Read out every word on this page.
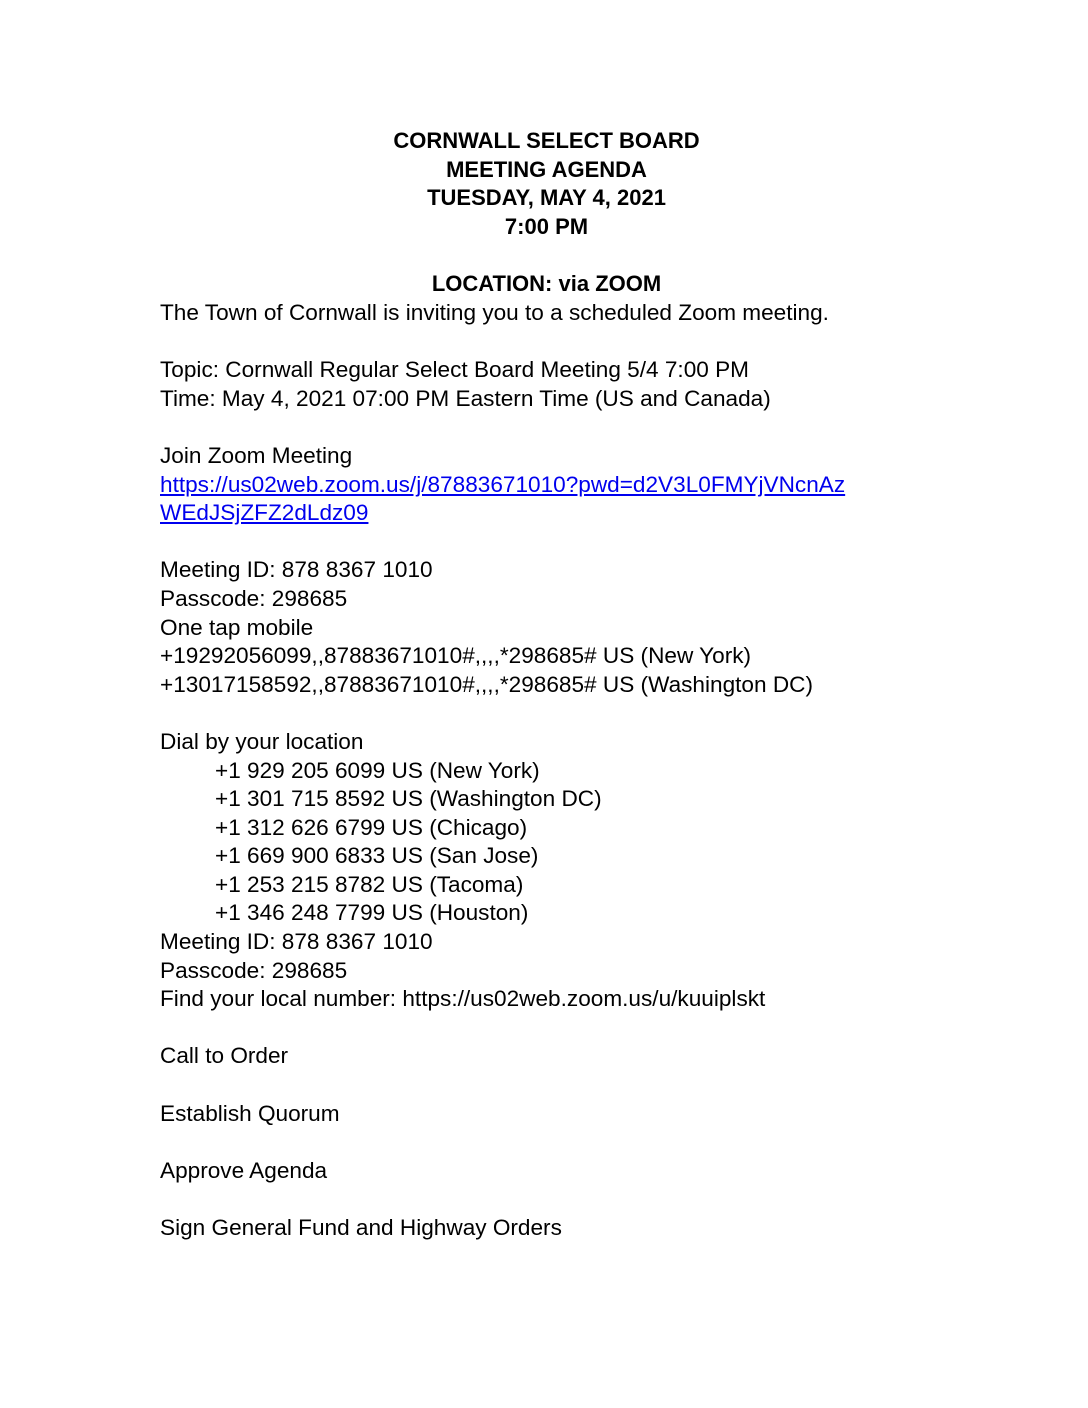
CORNWALL SELECT BOARD
MEETING AGENDA
TUESDAY, MAY 4, 2021
7:00 PM
LOCATION: via ZOOM
The Town of Cornwall is inviting you to a scheduled Zoom meeting.
Topic: Cornwall Regular Select Board Meeting 5/4 7:00 PM
Time: May 4, 2021 07:00 PM Eastern Time (US and Canada)
Join Zoom Meeting
https://us02web.zoom.us/j/87883671010?pwd=d2V3L0FMYjVNcnAz
WEdJSjZFZ2dLdz09
Meeting ID: 878 8367 1010
Passcode: 298685
One tap mobile
+19292056099,,87883671010#,,,,*298685# US (New York)
+13017158592,,87883671010#,,,,*298685# US (Washington DC)
Dial by your location
+1 929 205 6099 US (New York)
+1 301 715 8592 US (Washington DC)
+1 312 626 6799 US (Chicago)
+1 669 900 6833 US (San Jose)
+1 253 215 8782 US (Tacoma)
+1 346 248 7799 US (Houston)
Meeting ID: 878 8367 1010
Passcode: 298685
Find your local number: https://us02web.zoom.us/u/kuuiplskt
Call to Order
Establish Quorum
Approve Agenda
Sign General Fund and Highway Orders
